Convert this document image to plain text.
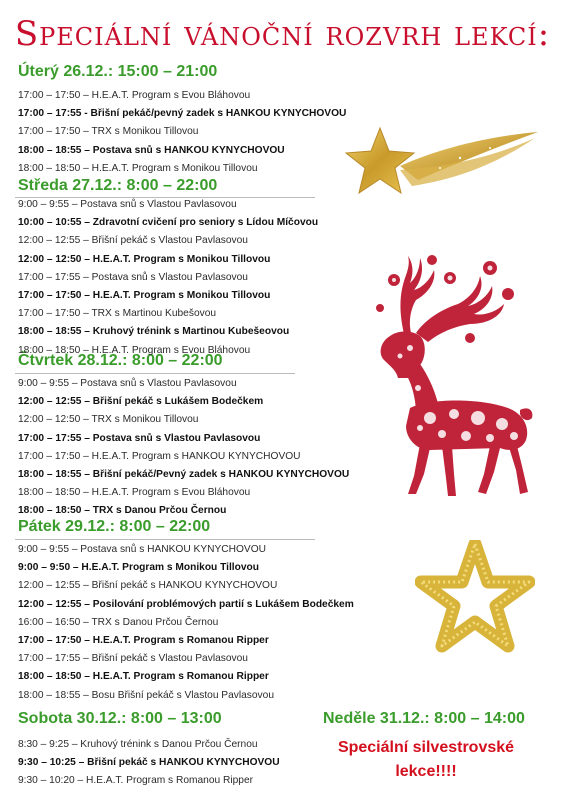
Speciální vánoční rozvrh lekcí:
Úterý 26.12.: 15:00 – 21:00
Středa 27.12.: 8:00 – 22:00
Čtvrtek 28.12.: 8:00 – 22:00
Pátek 29.12.: 8:00 – 22:00
Sobota 30.12.: 8:00 – 13:00	Neděle 31.12.: 8:00 – 14:00
17:00 – 17:50 – H.E.A.T. Program s Evou Bláhovou
17:00 – 17:55 - Břišní pekáč/pevný zadek s HANKOU KYNYCHOVOU
17:00 – 17:50 – TRX s Monikou Tillovou
18:00 – 18:55 – Postava snů s HANKOU KYNYCHOVOU
18:00 – 18:50 – H.E.A.T. Program s Monikou Tillovou
9:00 – 9:55 – Postava snů s Vlastou Pavlasovou
10:00 – 10:55 – Zdravotní cvičení pro seniory s Lídou Míčovou
12:00 – 12:55 – Břišní pekáč s Vlastou Pavlasovou
12:00 – 12:50 – H.E.A.T. Program s Monikou Tillovou
17:00 – 17:55 – Postava snů s Vlastou Pavlasovou
17:00 – 17:50 – H.E.A.T. Program s Monikou Tillovou
17:00 – 17:50 – TRX s Martinou Kubešovou
18:00 – 18:55 – Kruhový trénink s Martinou Kubešeovou
18:00 – 18:50 – H.E.A.T. Program s Evou Bláhovou
9:00 – 9:55 – Postava snů s Vlastou Pavlasovou
12:00 – 12:55 – Břišní pekáč s Lukášem Bodečkem
12:00 – 12:50 – TRX s Monikou Tillovou
17:00 – 17:55 – Postava snů s Vlastou Pavlasovou
17:00 – 17:50 – H.E.A.T. Program s HANKOU KYNYCHOVOU
18:00 – 18:55 – Břišní pekáč/Pevný zadek s HANKOU KYNYCHOVOU
18:00 – 18:50 – H.E.A.T. Program s Evou Bláhovou
18:00 – 18:50 – TRX s Danou Prčou Černou
9:00 – 9:55 – Postava snů s HANKOU KYNYCHOVOU
9:00 – 9:50 – H.E.A.T. Program s Monikou Tillovou
12:00 – 12:55 – Břišní pekáč s HANKOU KYNYCHOVOU
12:00 – 12:55 – Posilování problémových partií s Lukášem Bodečkem
16:00 – 16:50 – TRX s Danou Prčou Černou
17:00 – 17:50 – H.E.A.T. Program s Romanou Ripper
17:00 – 17:55 – Břišní pekáč s Vlastou Pavlasovou
18:00 – 18:50 – H.E.A.T. Program s Romanou Ripper
18:00 – 18:55 – Bosu Břišní pekáč s Vlastou Pavlasovou
8:30 – 9:25 – Kruhový trénink s Danou Prčou Černou
9:30 – 10:25 – Břišní pekáč s HANKOU KYNYCHOVOU
9:30 – 10:20 – H.E.A.T. Program s Romanou Ripper
Speciální silvestrovské
lekce!!!!
